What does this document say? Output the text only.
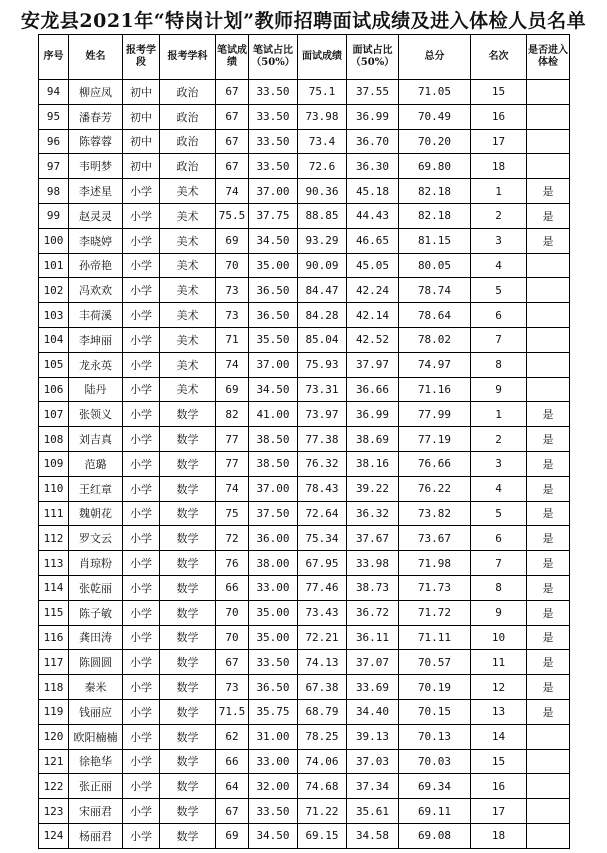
安龙县2021年“特岗计划”教师招聘面试成绩及进入体检人员名单
序号	姓名	报考学段	报考学科	笔试成绩	笔试占比（50%）	面试成绩	面试占比（50%）	总分	名次	是否进入体检
94	柳应凤	初中	政治	67	33.50	75.1	37.55	71.05	15	
95	潘春芳	初中	政治	67	33.50	73.98	36.99	70.49	16	
96	陈蓉蓉	初中	政治	67	33.50	73.4	36.70	70.20	17	
97	韦明梦	初中	政治	67	33.50	72.6	36.30	69.80	18	
98	李述星	小学	美术	74	37.00	90.36	45.18	82.18	1	是
99	赵灵灵	小学	美术	75.5	37.75	88.85	44.43	82.18	2	是
100	李晓婷	小学	美术	69	34.50	93.29	46.65	81.15	3	是
101	孙帝艳	小学	美术	70	35.00	90.09	45.05	80.05	4	
102	冯欢欢	小学	美术	73	36.50	84.47	42.24	78.74	5	
103	丰荷溪	小学	美术	73	36.50	84.28	42.14	78.64	6	
104	李坤丽	小学	美术	71	35.50	85.04	42.52	78.02	7	
105	龙永英	小学	美术	74	37.00	75.93	37.97	74.97	8	
106	陆丹	小学	美术	69	34.50	73.31	36.66	71.16	9	
107	张领义	小学	数学	82	41.00	73.97	36.99	77.99	1	是
108	刘吉真	小学	数学	77	38.50	77.38	38.69	77.19	2	是
109	范璐	小学	数学	77	38.50	76.32	38.16	76.66	3	是
110	王红章	小学	数学	74	37.00	78.43	39.22	76.22	4	是
111	魏朝花	小学	数学	75	37.50	72.64	36.32	73.82	5	是
112	罗文云	小学	数学	72	36.00	75.34	37.67	73.67	6	是
113	肖琼粉	小学	数学	76	38.00	67.95	33.98	71.98	7	是
114	张乾丽	小学	数学	66	33.00	77.46	38.73	71.73	8	是
115	陈子敏	小学	数学	70	35.00	73.43	36.72	71.72	9	是
116	龚田涛	小学	数学	70	35.00	72.21	36.11	71.11	10	是
117	陈圆圆	小学	数学	67	33.50	74.13	37.07	70.57	11	是
118	秦米	小学	数学	73	36.50	67.38	33.69	70.19	12	是
119	钱丽应	小学	数学	71.5	35.75	68.79	34.40	70.15	13	是
120	欧阳楠楠	小学	数学	62	31.00	78.25	39.13	70.13	14	
121	徐艳华	小学	数学	66	33.00	74.06	37.03	70.03	15	
122	张正丽	小学	数学	64	32.00	74.68	37.34	69.34	16	
123	宋丽君	小学	数学	67	33.50	71.22	35.61	69.11	17	
124	杨丽君	小学	数学	69	34.50	69.15	34.58	69.08	18	
